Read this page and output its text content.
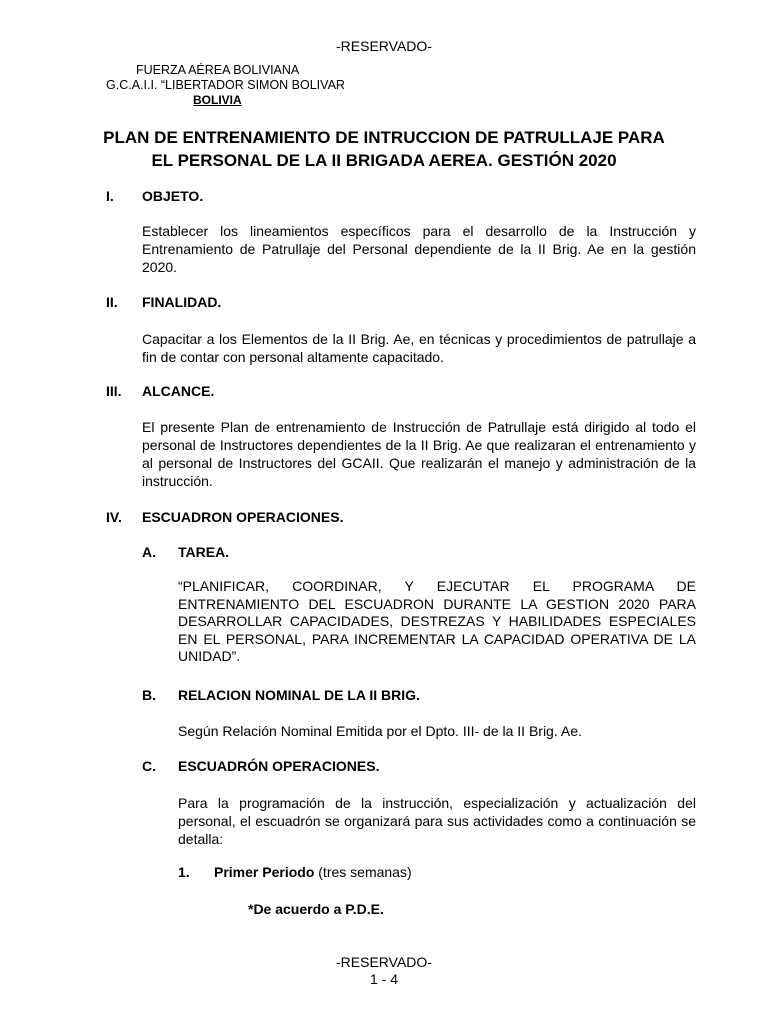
-RESERVADO-
FUERZA AÉREA BOLIVIANA
G.C.A.I.I. “LIBERTADOR SIMON BOLIVAR
BOLIVIA
PLAN DE ENTRENAMIENTO DE INTRUCCION DE PATRULLAJE PARA
EL PERSONAL DE LA II BRIGADA AEREA. GESTIÓN 2020
I. OBJETO.
Establecer los lineamientos específicos para el desarrollo de la Instrucción y Entrenamiento de Patrullaje del Personal dependiente de la II Brig. Ae en la gestión 2020.
II. FINALIDAD.
Capacitar a los Elementos de la II Brig. Ae, en técnicas y procedimientos de patrullaje a fin de contar con personal altamente capacitado.
III. ALCANCE.
El presente Plan de entrenamiento de Instrucción de Patrullaje está dirigido al todo el personal de Instructores dependientes de la II Brig. Ae que realizaran el entrenamiento y al personal de Instructores del GCAII. Que realizarán el manejo y administración de la instrucción.
IV. ESCUADRON OPERACIONES.
A. TAREA.
“PLANIFICAR, COORDINAR, Y EJECUTAR EL PROGRAMA DE ENTRENAMIENTO DEL ESCUADRON DURANTE LA GESTION 2020 PARA DESARROLLAR CAPACIDADES, DESTREZAS Y HABILIDADES ESPECIALES EN EL PERSONAL, PARA INCREMENTAR LA CAPACIDAD OPERATIVA DE LA UNIDAD”.
B. RELACION NOMINAL DE LA II BRIG.
Según Relación Nominal Emitida por el Dpto. III- de la II Brig. Ae.
C. ESCUADRÓN OPERACIONES.
Para la programación de la instrucción, especialización y actualización del personal, el escuadrón se organizará para sus actividades como a continuación se detalla:
1. Primer Periodo (tres semanas)
*De acuerdo a P.D.E.
-RESERVADO-
1 - 4
